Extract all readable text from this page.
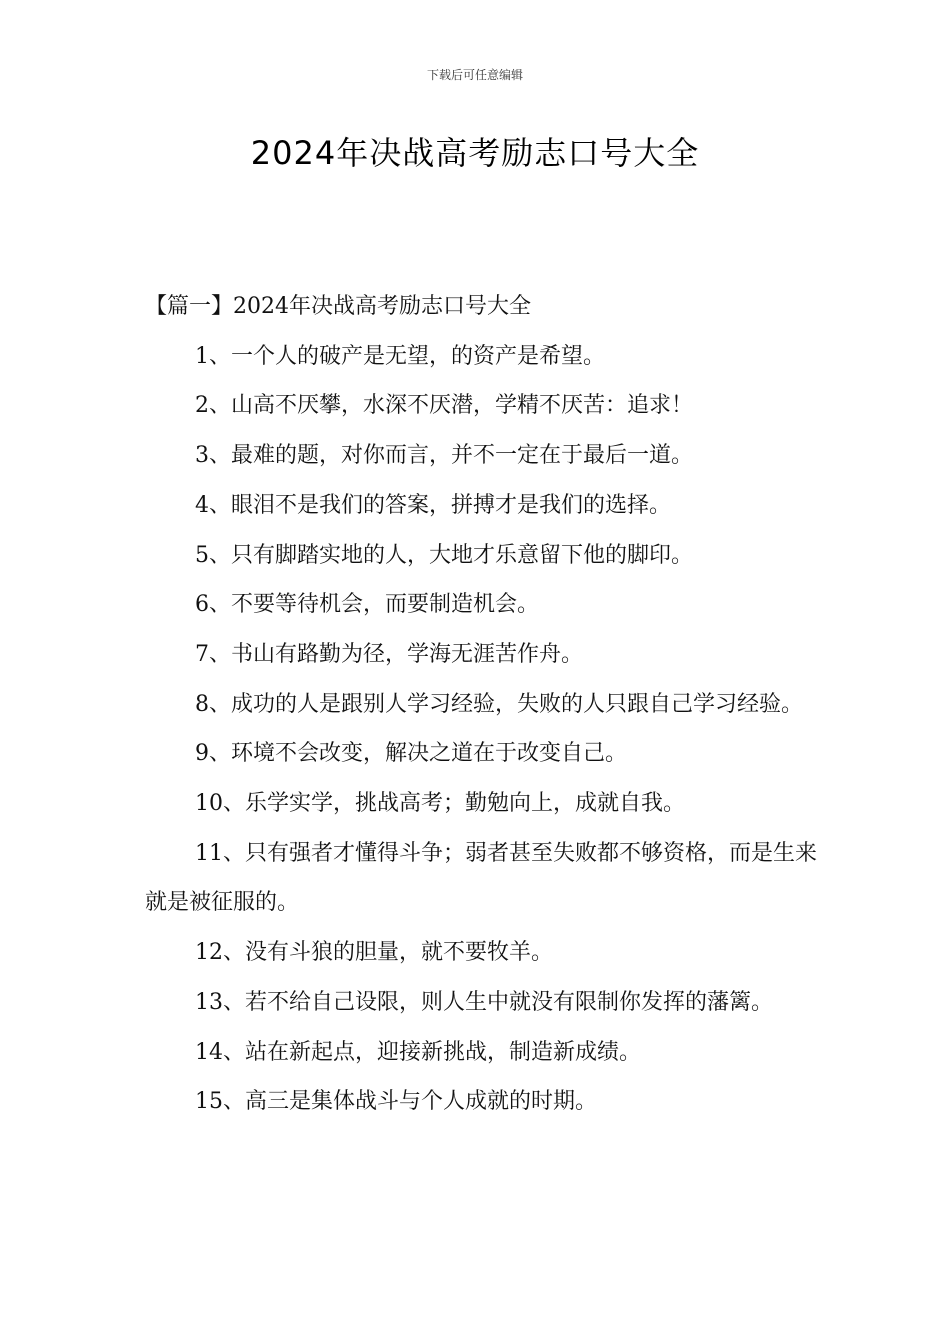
下载后可任意编辑
2024年决战高考励志口号大全
【篇一】2024年决战高考励志口号大全

1、一个人的破产是无望，的资产是希望。

2、山高不厌攀，水深不厌潜，学精不厌苦：追求！

3、最难的题，对你而言，并不一定在于最后一道。

4、眼泪不是我们的答案，拼搏才是我们的选择。

5、只有脚踏实地的人，大地才乐意留下他的脚印。

6、不要等待机会，而要制造机会。

7、书山有路勤为径，学海无涯苦作舟。

8、成功的人是跟别人学习经验，失败的人只跟自己学习经验。

9、环境不会改变，解决之道在于改变自己。

10、乐学实学，挑战高考；勤勉向上，成就自我。

11、只有强者才懂得斗争；弱者甚至失败都不够资格，而是生来就是被征服的。

12、没有斗狼的胆量，就不要牧羊。

13、若不给自己设限，则人生中就没有限制你发挥的藩篱。

14、站在新起点，迎接新挑战，制造新成绩。

15、高三是集体战斗与个人成就的时期。
